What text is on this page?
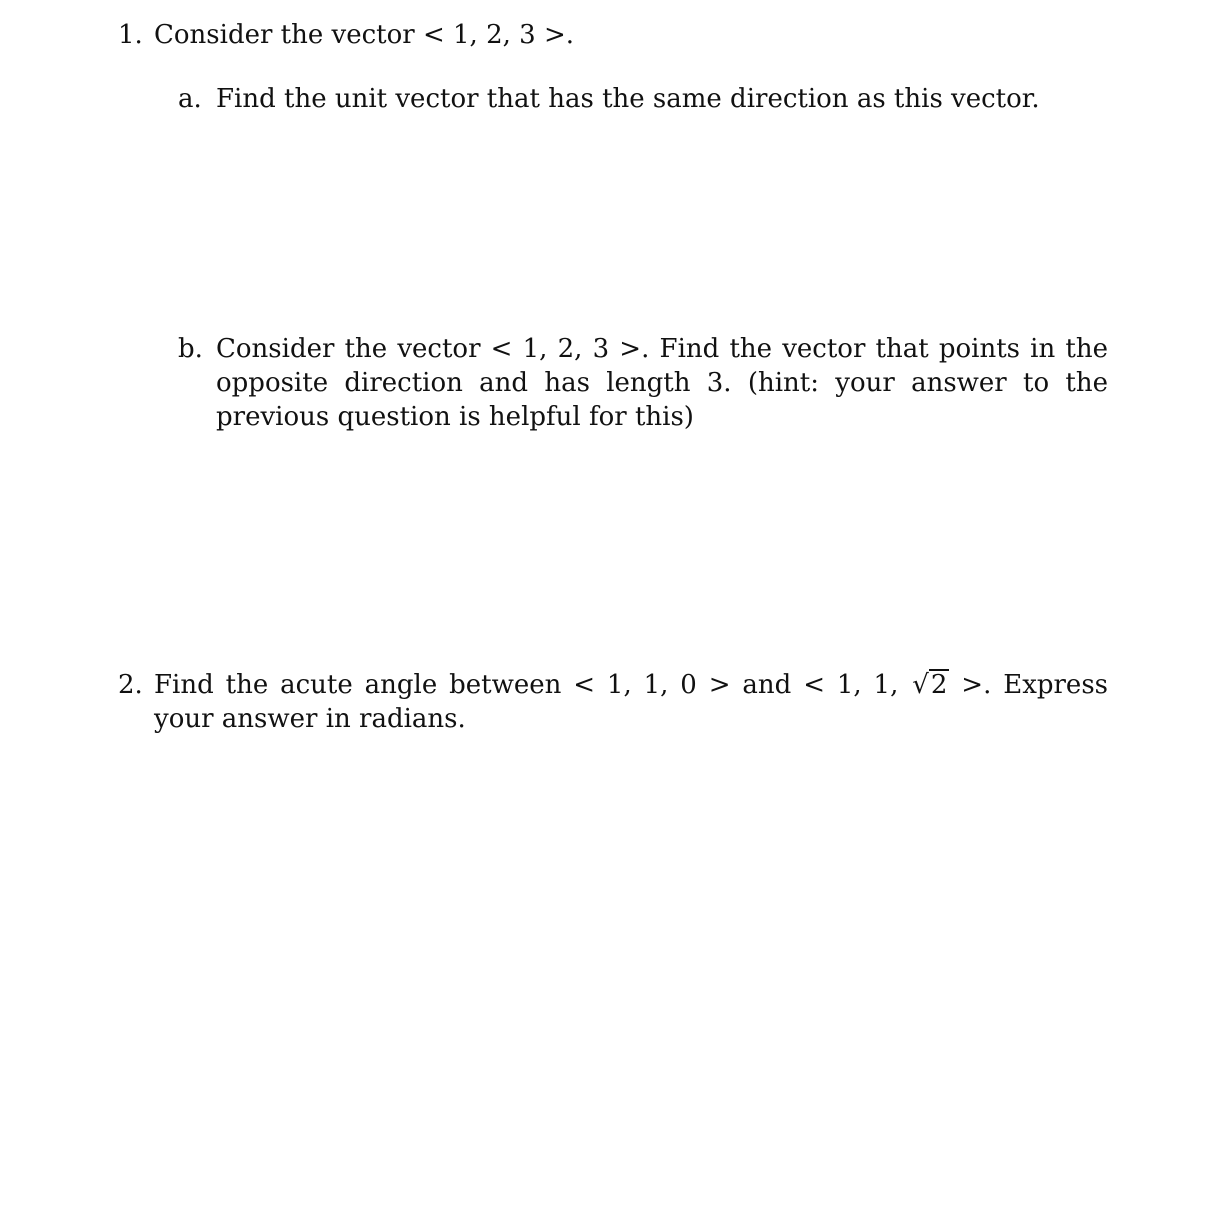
1. Consider the vector < 1, 2, 3 >.
a. Find the unit vector that has the same direction as this vector.
b. Consider the vector < 1, 2, 3 >. Find the vector that points in the opposite direction and has length 3. (hint: your answer to the previous question is helpful for this)
2. Find the acute angle between < 1, 1, 0 > and < 1, 1, √2 >. Express your answer in radians.
